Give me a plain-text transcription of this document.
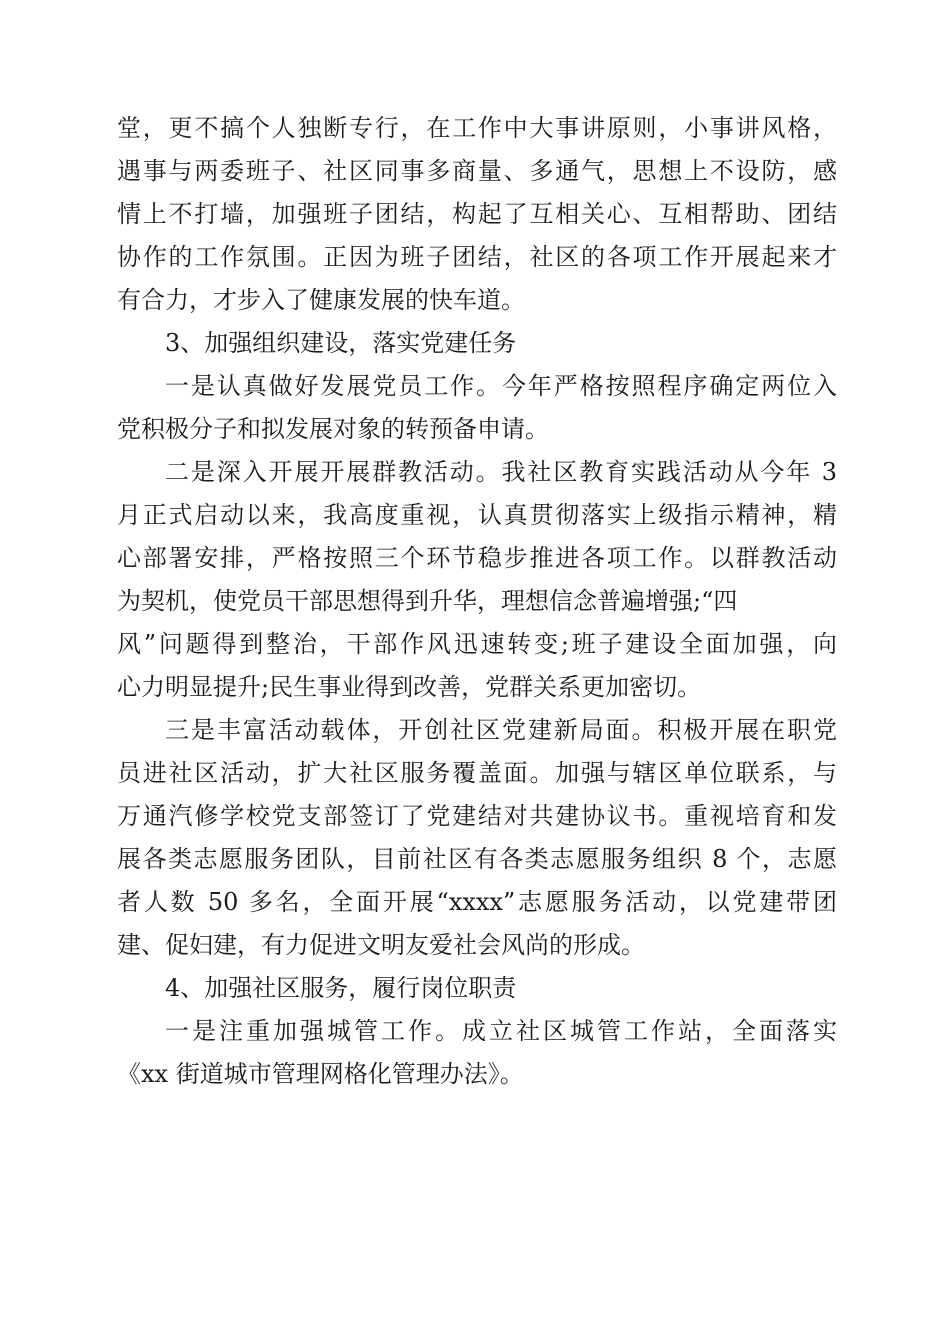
堂，更不搞个人独断专行，在工作中大事讲原则，小事讲风格，
遇事与两委班子、社区同事多商量、多通气，思想上不设防，感
情上不打墙，加强班子团结，构起了互相关心、互相帮助、团结
协作的工作氛围。正因为班子团结，社区的各项工作开展起来才
有合力，才步入了健康发展的快车道。
3、加强组织建设，落实党建任务
一是认真做好发展党员工作。今年严格按照程序确定两位入
党积极分子和拟发展对象的转预备申请。
二是深入开展开展群教活动。我社区教育实践活动从今年 3
月正式启动以来，我高度重视，认真贯彻落实上级指示精神，精
心部署安排，严格按照三个环节稳步推进各项工作。以群教活动
为契机，使党员干部思想得到升华，理想信念普遍增强;“四
风”问题得到整治，干部作风迅速转变;班子建设全面加强，向
心力明显提升;民生事业得到改善，党群关系更加密切。
三是丰富活动载体，开创社区党建新局面。积极开展在职党
员进社区活动，扩大社区服务覆盖面。加强与辖区单位联系，与
万通汽修学校党支部签订了党建结对共建协议书。重视培育和发
展各类志愿服务团队，目前社区有各类志愿服务组织 8 个，志愿
者人数 50 多名，全面开展“xxxx”志愿服务活动，以党建带团
建、促妇建，有力促进文明友爱社会风尚的形成。
4、加强社区服务，履行岗位职责
一是注重加强城管工作。成立社区城管工作站，全面落实
《xx 街道城市管理网格化管理办法》。
